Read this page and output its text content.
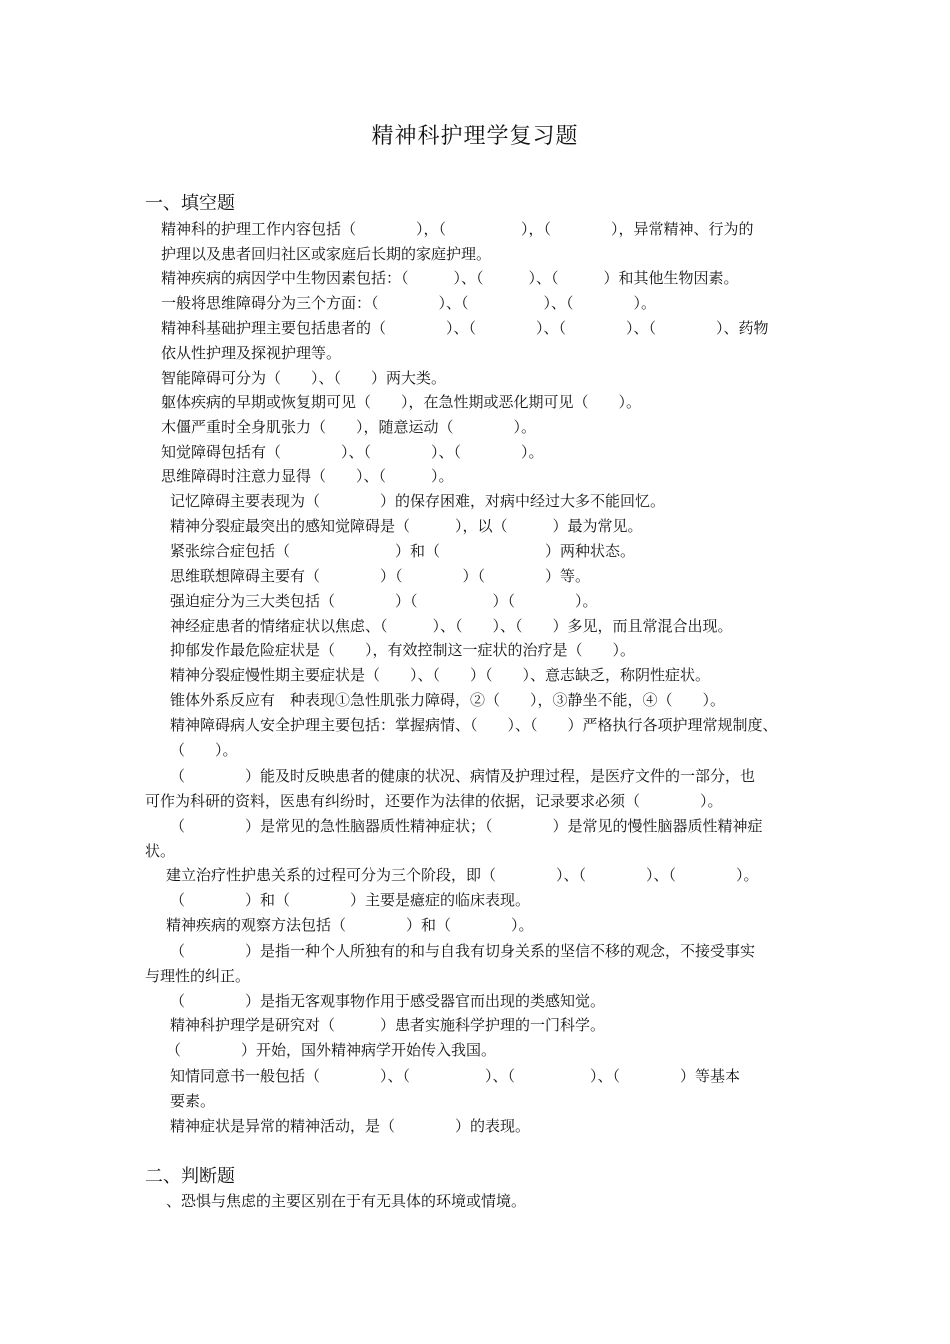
精神科护理学复习题
一、填空题
精神科的护理工作内容包括（　　　　），（　　　　　），（　　　　），异常精神、行为的
护理以及患者回归社区或家庭后长期的家庭护理。
精神疾病的病因学中生物因素包括：（　　　）、（　　　）、（　　　）和其他生物因素。
一般将思维障碍分为三个方面：（　　　　）、（　　　　　）、（　　　　）。
精神科基础护理主要包括患者的（　　　　）、（　　　　）、（　　　　）、（　　　　）、药物
依从性护理及探视护理等。
智能障碍可分为（　　）、（　　）两大类。
躯体疾病的早期或恢复期可见（　　），在急性期或恶化期可见（　　）。
木僵严重时全身肌张力（　　），随意运动（　　　　）。
知觉障碍包括有（　　　　）、（　　　　）、（　　　　）。
思维障碍时注意力显得（　　）、（　　　）。
记忆障碍主要表现为（　　　　）的保存困难，对病中经过大多不能回忆。
精神分裂症最突出的感知觉障碍是（　　　），以（　　　）最为常见。
紧张综合症包括（　　　　　　　）和（　　　　　　　）两种状态。
思维联想障碍主要有（　　　　）（　　　　）（　　　　）等。
强迫症分为三大类包括（　　　　）（　　　　　）（　　　　）。
神经症患者的情绪症状以焦虑、（　　　）、（　　）、（　　）多见，而且常混合出现。
抑郁发作最危险症状是（　　），有效控制这一症状的治疗是（　　）。
精神分裂症慢性期主要症状是（　　）、（　　）（　　）、意志缺乏，称阴性症状。
锥体外系反应有　种表现①急性肌张力障碍，②（　　），③静坐不能，④（　　）。
精神障碍病人安全护理主要包括：掌握病情、（　　）、（　　）严格执行各项护理常规制度、
（　　）。
（　　　　）能及时反映患者的健康的状况、病情及护理过程，是医疗文件的一部分，也
可作为科研的资料，医患有纠纷时，还要作为法律的依据，记录要求必须（　　　　）。
（　　　　）是常见的急性脑器质性精神症状；（　　　　）是常见的慢性脑器质性精神症
状。
建立治疗性护患关系的过程可分为三个阶段，即（　　　　）、（　　　　）、（　　　　）。
（　　　　）和（　　　　）主要是癔症的临床表现。
精神疾病的观察方法包括（　　　　）和（　　　　）。
（　　　　）是指一种个人所独有的和与自我有切身关系的坚信不移的观念，不接受事实
与理性的纠正。
（　　　　）是指无客观事物作用于感受器官而出现的类感知觉。
精神科护理学是研究对（　　　）患者实施科学护理的一门科学。
（　　　　）开始，国外精神病学开始传入我国。
知情同意书一般包括（　　　　）、（　　　　　）、（　　　　　）、（　　　　）等基本
要素。
精神症状是异常的精神活动，是（　　　　）的表现。
二、判断题
、恐惧与焦虑的主要区别在于有无具体的环境或情境。
